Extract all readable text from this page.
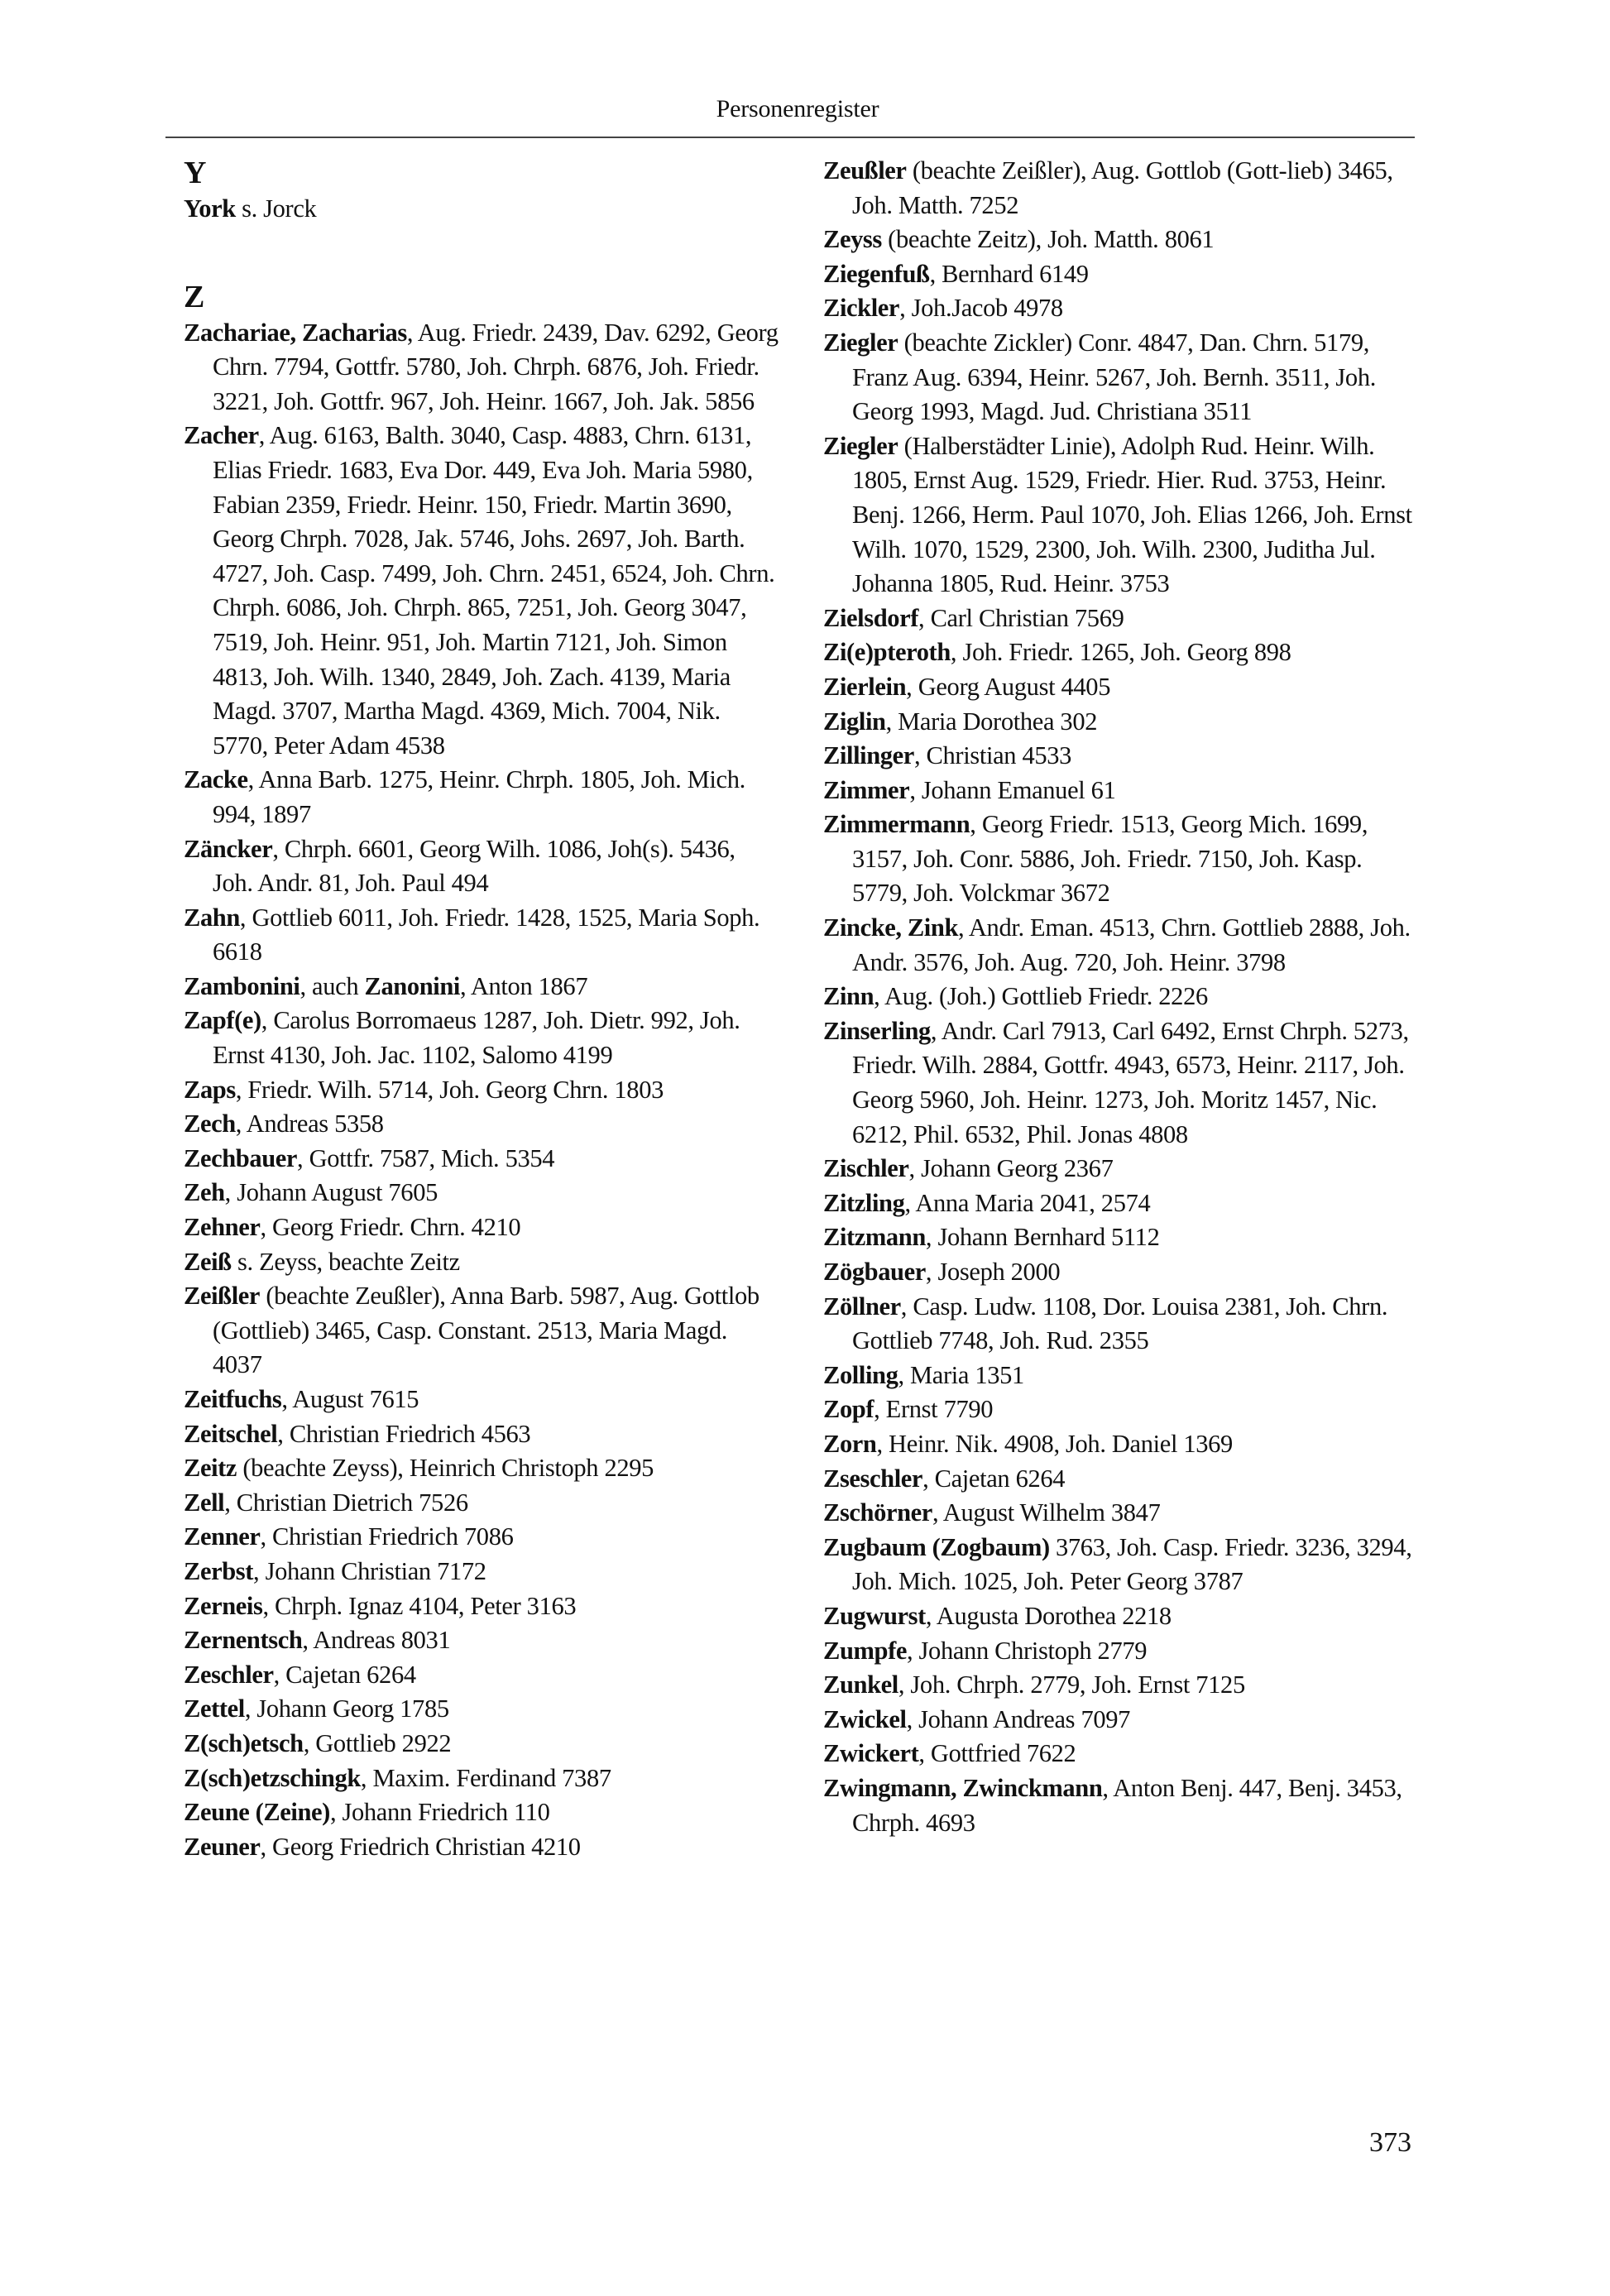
Personenregister
Y

York s. Jorck

Z

Zachariae, Zacharias, Aug. Friedr. 2439, Dav. 6292, Georg Chrn. 7794, Gottfr. 5780, Joh. Chrph. 6876, Joh. Friedr. 3221, Joh. Gottfr. 967, Joh. Heinr. 1667, Joh. Jak. 5856

Zacher, Aug. 6163, Balth. 3040, Casp. 4883, Chrn. 6131, Elias Friedr. 1683, Eva Dor. 449, Eva Joh. Maria 5980, Fabian 2359, Friedr. Heinr. 150, Friedr. Martin 3690, Georg Chrph. 7028, Jak. 5746, Johs. 2697, Joh. Barth. 4727, Joh. Casp. 7499, Joh. Chrn. 2451, 6524, Joh. Chrn. Chrph. 6086, Joh. Chrph. 865, 7251, Joh. Georg 3047, 7519, Joh. Heinr. 951, Joh. Martin 7121, Joh. Simon 4813, Joh. Wilh. 1340, 2849, Joh. Zach. 4139, Maria Magd. 3707, Martha Magd. 4369, Mich. 7004, Nik. 5770, Peter Adam 4538

Zacke, Anna Barb. 1275, Heinr. Chrph. 1805, Joh. Mich. 994, 1897

Zäncker, Chrph. 6601, Georg Wilh. 1086, Joh(s). 5436, Joh. Andr. 81, Joh. Paul 494

Zahn, Gottlieb 6011, Joh. Friedr. 1428, 1525, Maria Soph. 6618

Zambonini, auch Zanonini, Anton 1867

Zapf(e), Carolus Borromaeus 1287, Joh. Dietr. 992, Joh. Ernst 4130, Joh. Jac. 1102, Salomo 4199

Zaps, Friedr. Wilh. 5714, Joh. Georg Chrn. 1803

Zech, Andreas 5358

Zechbauer, Gottfr. 7587, Mich. 5354

Zeh, Johann August 7605

Zehner, Georg Friedr. Chrn. 4210

Zeiß s. Zeyss, beachte Zeitz

Zeißler (beachte Zeußler), Anna Barb. 5987, Aug. Gottlob (Gottlieb) 3465, Casp. Constant. 2513, Maria Magd. 4037

Zeitfuchs, August 7615

Zeitschel, Christian Friedrich 4563

Zeitz (beachte Zeyss), Heinrich Christoph 2295

Zell, Christian Dietrich 7526

Zenner, Christian Friedrich 7086

Zerbst, Johann Christian 7172

Zerneis, Chrph. Ignaz 4104, Peter 3163

Zernentsch, Andreas 8031

Zeschler, Cajetan 6264

Zettel, Johann Georg 1785

Z(sch)etsch, Gottlieb 2922

Z(sch)etzschingk, Maxim. Ferdinand 7387

Zeune (Zeine), Johann Friedrich 110

Zeuner, Georg Friedrich Christian 4210

Zeußler (beachte Zeißler), Aug. Gottlob (Gott-lieb) 3465, Joh. Matth. 7252

Zeyss (beachte Zeitz), Joh. Matth. 8061

Ziegenfuß, Bernhard 6149

Zickler, Joh.Jacob 4978

Ziegler (beachte Zickler) Conr. 4847, Dan. Chrn. 5179, Franz Aug. 6394, Heinr. 5267, Joh. Bernh. 3511, Joh. Georg 1993, Magd. Jud. Christiana 3511

Ziegler (Halberstädter Linie), Adolph Rud. Heinr. Wilh. 1805, Ernst Aug. 1529, Friedr. Hier. Rud. 3753, Heinr. Benj. 1266, Herm. Paul 1070, Joh. Elias 1266, Joh. Ernst Wilh. 1070, 1529, 2300, Joh. Wilh. 2300, Juditha Jul. Johanna 1805, Rud. Heinr. 3753

Zielsdorf, Carl Christian 7569

Zi(e)pteroth, Joh. Friedr. 1265, Joh. Georg 898

Zierlein, Georg August 4405

Ziglin, Maria Dorothea 302

Zillinger, Christian 4533

Zimmer, Johann Emanuel 61

Zimmermann, Georg Friedr. 1513, Georg Mich. 1699, 3157, Joh. Conr. 5886, Joh. Friedr. 7150, Joh. Kasp. 5779, Joh. Volckmar 3672

Zincke, Zink, Andr. Eman. 4513, Chrn. Gottlieb 2888, Joh. Andr. 3576, Joh. Aug. 720, Joh. Heinr. 3798

Zinn, Aug. (Joh.) Gottlieb Friedr. 2226

Zinserling, Andr. Carl 7913, Carl 6492, Ernst Chrph. 5273, Friedr. Wilh. 2884, Gottfr. 4943, 6573, Heinr. 2117, Joh. Georg 5960, Joh. Heinr. 1273, Joh. Moritz 1457, Nic. 6212, Phil. 6532, Phil. Jonas 4808

Zischler, Johann Georg 2367

Zitzling, Anna Maria 2041, 2574

Zitzmann, Johann Bernhard 5112

Zögbauer, Joseph 2000

Zöllner, Casp. Ludw. 1108, Dor. Louisa 2381, Joh. Chrn. Gottlieb 7748, Joh. Rud. 2355

Zolling, Maria 1351

Zopf, Ernst 7790

Zorn, Heinr. Nik. 4908, Joh. Daniel 1369

Zseschler, Cajetan 6264

Zschörner, August Wilhelm 3847

Zugbaum (Zogbaum) 3763, Joh. Casp. Friedr. 3236, 3294, Joh. Mich. 1025, Joh. Peter Georg 3787

Zugwurst, Augusta Dorothea 2218

Zumpfe, Johann Christoph 2779

Zunkel, Joh. Chrph. 2779, Joh. Ernst 7125

Zwickel, Johann Andreas 7097

Zwickert, Gottfried 7622

Zwingmann, Zwinckmann, Anton Benj. 447, Benj. 3453, Chrph. 4693

373
